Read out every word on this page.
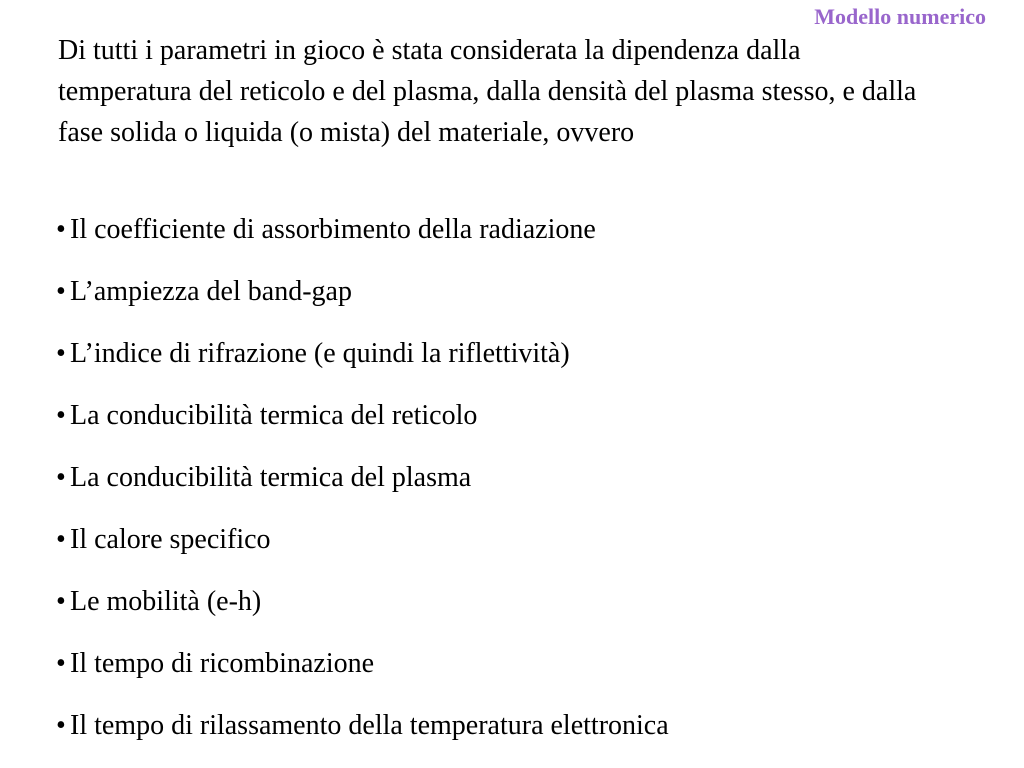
Modello numerico

Di tutti i parametri in gioco è stata considerata la dipendenza dalla temperatura del reticolo e del plasma, dalla densità del plasma stesso, e dalla fase solida o liquida (o mista) del materiale, ovvero

• Il coefficiente di assorbimento della radiazione
• L’ampiezza del band-gap
• L’indice di rifrazione (e quindi la riflettività)
• La conducibilità termica del reticolo
• La conducibilità termica del plasma
• Il calore specifico
• Le mobilità (e-h)
• Il tempo di ricombinazione
• Il tempo di rilassamento della temperatura elettronica
